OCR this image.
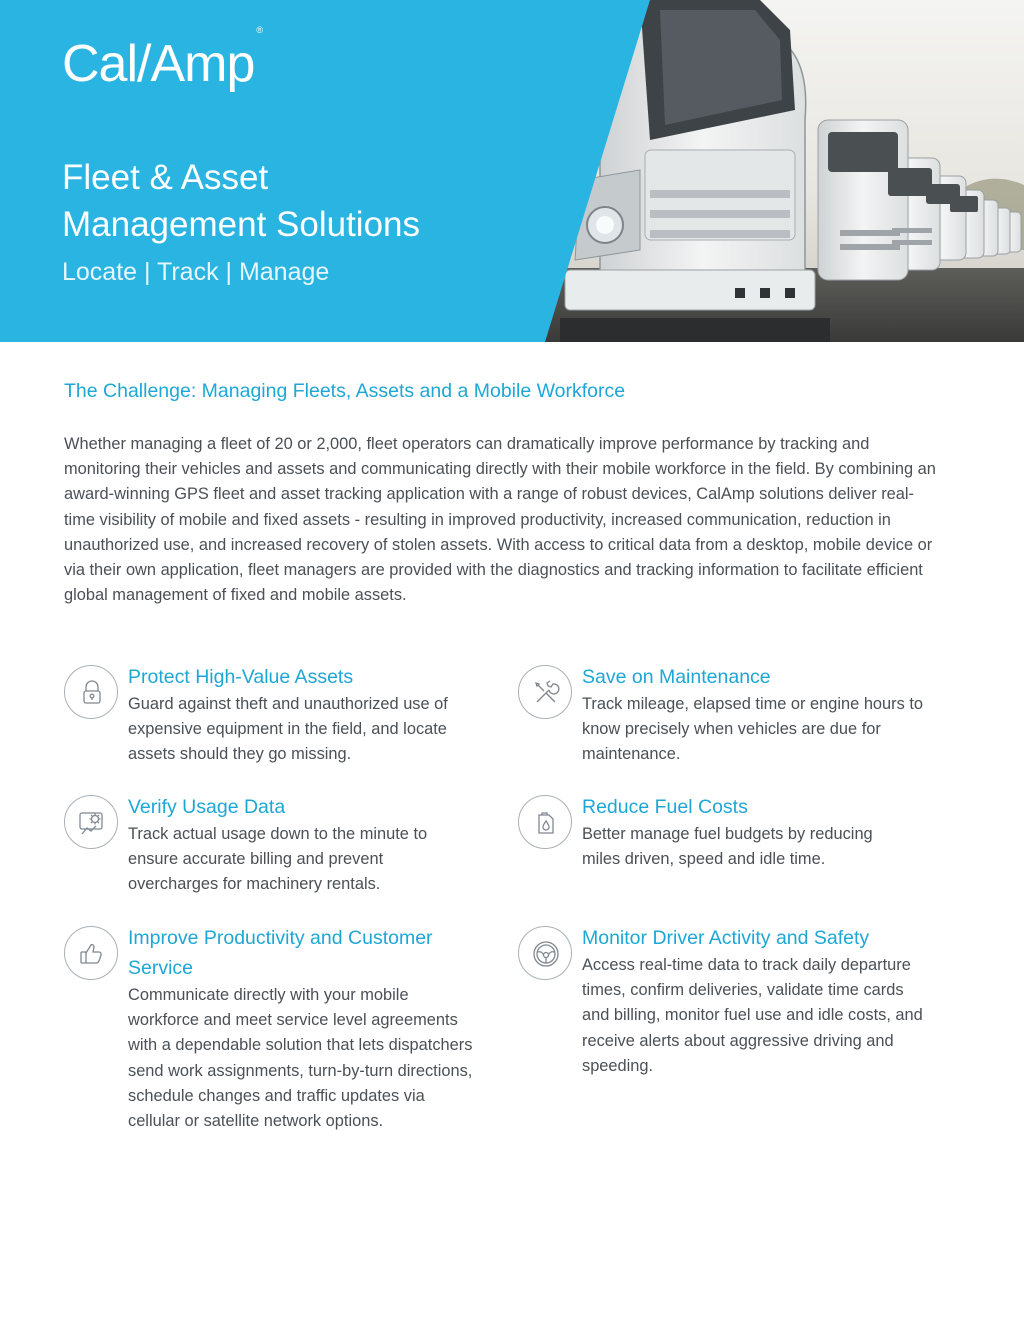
Cal/Amp®
Fleet & Asset
Management Solutions

Locate | Track | Manage

The Challenge: Managing Fleets, Assets and a Mobile Workforce

Whether managing a fleet of 20 or 2,000, fleet operators can dramatically improve performance by tracking and monitoring their vehicles and assets and communicating directly with their mobile workforce in the field. By combining an award-winning GPS fleet and asset tracking application with a range of robust devices, CalAmp solutions deliver real-time visibility of mobile and fixed assets - resulting in improved productivity, increased communication, reduction in unauthorized use, and increased recovery of stolen assets. With access to critical data from a desktop, mobile device or via their own application, fleet managers are provided with the diagnostics and tracking information to facilitate efficient global management of fixed and mobile assets.

Protect High-Value Assets

Guard against theft and unauthorized use of expensive equipment in the field, and locate assets should they go missing.

Save on Maintenance

Track mileage, elapsed time or engine hours to know precisely when vehicles are due for maintenance.

Verify Usage Data

Track actual usage down to the minute to ensure accurate billing and prevent overcharges for machinery rentals.

Reduce Fuel Costs

Better manage fuel budgets by reducing miles driven, speed and idle time.

Improve Productivity and Customer Service

Communicate directly with your mobile workforce and meet service level agreements with a dependable solution that lets dispatchers send work assignments, turn-by-turn directions, schedule changes and traffic updates via cellular or satellite network options.

Monitor Driver Activity and Safety

Access real-time data to track daily departure times, confirm deliveries, validate time cards and billing, monitor fuel use and idle costs, and receive alerts about aggressive driving and speeding.
